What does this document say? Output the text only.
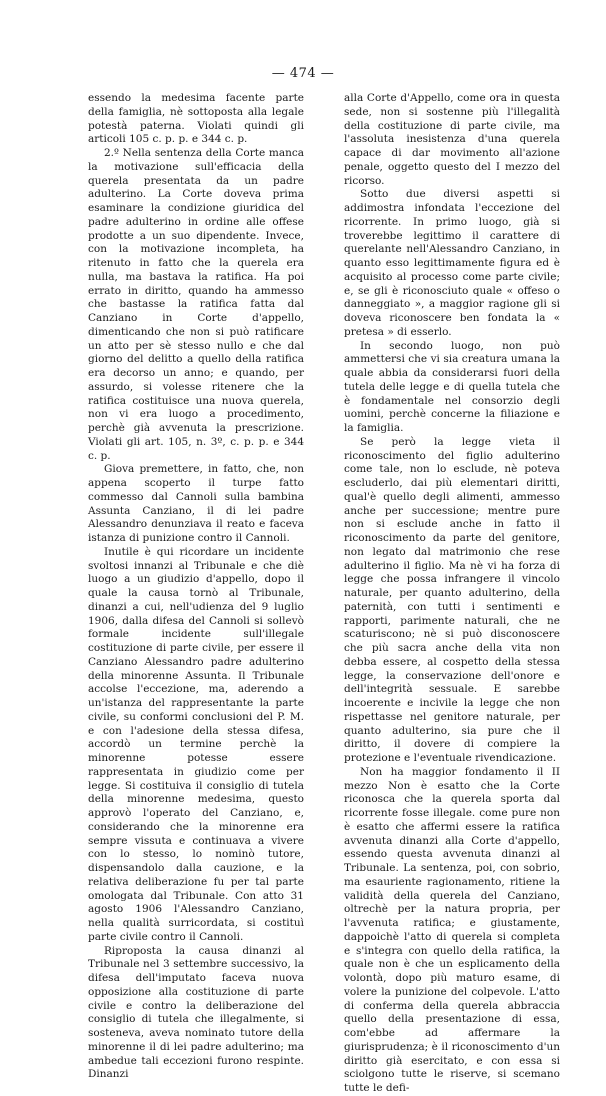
— 474 —

essendo la medesima facente parte della famiglia, nè sottoposta alla legale potestà paterna. Violati quindi gli articoli 105 c. p. p. e 344 c. p.

2.º Nella sentenza della Corte manca la motivazione sull'efficacia della querela presentata da un padre adulterino. La Corte doveva prima esaminare la condizione giuridica del padre adulterino in ordine alle offese prodotte a un suo dipendente. Invece, con la motivazione incompleta, ha ritenuto in fatto che la querela era nulla, ma bastava la ratifica. Ha poi errato in diritto, quando ha ammesso che bastasse la ratifica fatta dal Canziano in Corte d'appello, dimenticando che non si può ratificare un atto per sè stesso nullo e che dal giorno del delitto a quello della ratifica era decorso un anno; e quando, per assurdo, si volesse ritenere che la ratifica costituisce una nuova querela, non vi era luogo a procedimento, perchè già avvenuta la prescrizione. Violati gli art. 105, n. 3º, c. p. p. e 344 c. p.

Giova premettere, in fatto, che, non appena scoperto il turpe fatto commesso dal Cannoli sulla bambina Assunta Canziano, il di lei padre Alessandro denunziava il reato e faceva istanza di punizione contro il Cannoli.

Inutile è qui ricordare un incidente svoltosi innanzi al Tribunale e che diè luogo a un giudizio d'appello, dopo il quale la causa tornò al Tribunale, dinanzi a cui, nell'udienza del 9 luglio 1906, dalla difesa del Cannoli si sollevò formale incidente sull'illegale costituzione di parte civile, per essere il Canziano Alessandro padre adulterino della minorenne Assunta. Il Tribunale accolse l'eccezione, ma, aderendo a un'istanza del rappresentante la parte civile, su conformi conclusioni del P. M. e con l'adesione della stessa difesa, accordò un termine perchè la minorenne potesse essere rappresentata in giudizio come per legge. Si costituiva il consiglio di tutela della minorenne medesima, questo approvò l'operato del Canziano, e, considerando che la minorenne era sempre vissuta e continuava a vivere con lo stesso, lo nominò tutore, dispensandolo dalla cauzione, e la relativa deliberazione fu per tal parte omologata dal Tribunale. Con atto 31 agosto 1906 l'Alessandro Canziano, nella qualità surricordata, si costituì parte civile contro il Cannoli.

Riproposta la causa dinanzi al Tribunale nel 3 settembre successivo, la difesa dell'imputato faceva nuova opposizione alla costituzione di parte civile e contro la deliberazione del consiglio di tutela che illegalmente, si sosteneva, aveva nominato tutore della minorenne il di lei padre adulterino; ma ambedue tali eccezioni furono respinte. Dinanzi

alla Corte d'Appello, come ora in questa sede, non si sostenne più l'illegalità della costituzione di parte civile, ma l'assoluta inesistenza d'una querela capace di dar movimento all'azione penale, oggetto questo del I mezzo del ricorso.

Sotto due diversi aspetti si addimostra infondata l'eccezione del ricorrente. In primo luogo, già si troverebbe legittimo il carattere di querelante nell'Alessandro Canziano, in quanto esso legittimamente figura ed è acquisito al processo come parte civile; e, se gli è riconosciuto quale « offeso o danneggiato », a maggior ragione gli si doveva riconoscere ben fondata la « pretesa » di esserlo.

In secondo luogo, non può ammettersi che vi sia creatura umana la quale abbia da considerarsi fuori della tutela delle legge e di quella tutela che è fondamentale nel consorzio degli uomini, perchè concerne la filiazione e la famiglia.

Se però la legge vieta il riconoscimento del figlio adulterino come tale, non lo esclude, nè poteva escluderlo, dai più elementari diritti, qual'è quello degli alimenti, ammesso anche per successione; mentre pure non si esclude anche in fatto il riconoscimento da parte del genitore, non legato dal matrimonio che rese adulterino il figlio. Ma nè vi ha forza di legge che possa infrangere il vincolo naturale, per quanto adulterino, della paternità, con tutti i sentimenti e rapporti, parimente naturali, che ne scaturiscono; nè si può disconoscere che più sacra anche della vita non debba essere, al cospetto della stessa legge, la conservazione dell'onore e dell'integrità sessuale. E sarebbe incoerente e incivile la legge che non rispettasse nel genitore naturale, per quanto adulterino, sia pure che il diritto, il dovere di compiere la protezione e l'eventuale rivendicazione.

Non ha maggior fondamento il II mezzo Non è esatto che la Corte riconosca che la querela sporta dal ricorrente fosse illegale. come pure non è esatto che affermi essere la ratifica avvenuta dinanzi alla Corte d'appello, essendo questa avvenuta dinanzi al Tribunale. La sentenza, poi, con sobrio, ma esauriente ragionamento, ritiene la validità della querela del Canziano, oltrechè per la natura propria, per l'avvenuta ratifica; e giustamente, dappoichè l'atto di querela si completa e s'integra con quello della ratifica, la quale non è che un esplicamento della volontà, dopo più maturo esame, di volere la punizione del colpevole. L'atto di conferma della querela abbraccia quello della presentazione di essa, com'ebbe ad affermare la giurisprudenza; è il riconoscimento d'un diritto già esercitato, e con essa si sciolgono tutte le riserve, si scemano tutte le defi-
